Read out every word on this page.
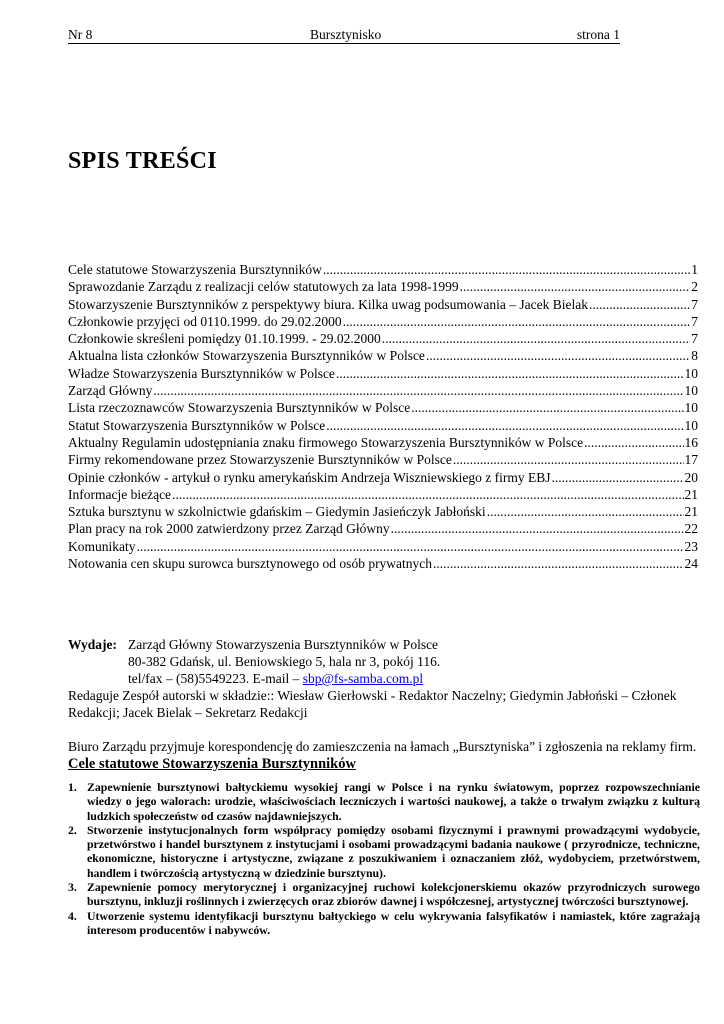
Nr 8	Bursztynisko	strona 1
SPIS TREŚCI
Cele statutowe Stowarzyszenia Bursztynników .....	1
Sprawozdanie Zarządu z realizacji celów statutowych za lata 1998-1999 .....	2
Stowarzyszenie Bursztynników z perspektywy biura. Kilka uwag podsumowania – Jacek Bielak .....	7
Członkowie przyjęci od 0110.1999. do 29.02.2000 .....	7
Członkowie skreśleni pomiędzy 01.10.1999. - 29.02.2000 .....	7
Aktualna lista członków Stowarzyszenia Bursztynników w Polsce .....	8
Władze Stowarzyszenia Bursztynników w Polsce .....	10
Zarząd Główny .....	10
Lista rzeczoznawców Stowarzyszenia Bursztynników w Polsce .....	10
Statut Stowarzyszenia Bursztynników w Polsce .....	10
Aktualny Regulamin udostępniania znaku firmowego Stowarzyszenia Bursztynników w Polsce .....	16
Firmy rekomendowane przez Stowarzyszenie Bursztynników w Polsce .....	17
Opinie członków - artykuł o rynku amerykańskim Andrzeja Wiszniewskiego z firmy EBJ .....	20
Informacje bieżące .....	21
Sztuka bursztynu w szkolnictwie gdańskim – Giedymin Jasieńczyk Jabłoński .....	21
Plan pracy na rok 2000 zatwierdzony przez Zarząd Główny .....	22
Komunikaty .....	23
Notowania cen skupu surowca bursztynowego od osób prywatnych .....	24
Wydaje: Zarząd Główny Stowarzyszenia Bursztynników w Polsce
80-382 Gdańsk, ul. Beniowskiego 5, hala nr 3, pokój 116.
tel/fax – (58)5549223. E-mail – sbp@fs-samba.com.pl
Redaguje Zespół autorski w składzie:: Wiesław Gierłowski - Redaktor Naczelny; Giedymin Jabłoński – Członek Redakcji; Jacek Bielak – Sekretarz Redakcji
Biuro Zarządu przyjmuje korespondencję do zamieszczenia na łamach „Bursztyniska” i zgłoszenia na reklamy firm.
Cele statutowe Stowarzyszenia Bursztynników
1. Zapewnienie bursztynowi bałtyckiemu wysokiej rangi w Polsce i na rynku światowym, poprzez rozpowszechnianie wiedzy o jego walorach: urodzie, właściwościach leczniczych i wartości naukowej, a także o trwałym związku z kulturą ludzkich społeczeństw od czasów najdawniejszych.
2. Stworzenie instytucjonalnych form współpracy pomiędzy osobami fizycznymi i prawnymi prowadzącymi wydobycie, przetwórstwo i handel bursztynem z instytucjami i osobami prowadzącymi badania naukowe ( przyrodnicze, techniczne, ekonomiczne, historyczne i artystyczne, związane z poszukiwaniem i oznaczaniem złóż, wydobyciem, przetwórstwem, handlem i twórczością artystyczną w dziedzinie bursztynu).
3. Zapewnienie pomocy merytorycznej i organizacyjnej ruchowi kolekcjonerskiemu okazów przyrodniczych surowego bursztynu, inkluzji roślinnych i zwierzęcych oraz zbiorów dawnej i współczesnej, artystycznej twórczości bursztynowej.
4. Utworzenie systemu identyfikacji bursztynu bałtyckiego w celu wykrywania falsyfikatów i namiastek, które zagrażają interesom producentów i nabywców.
